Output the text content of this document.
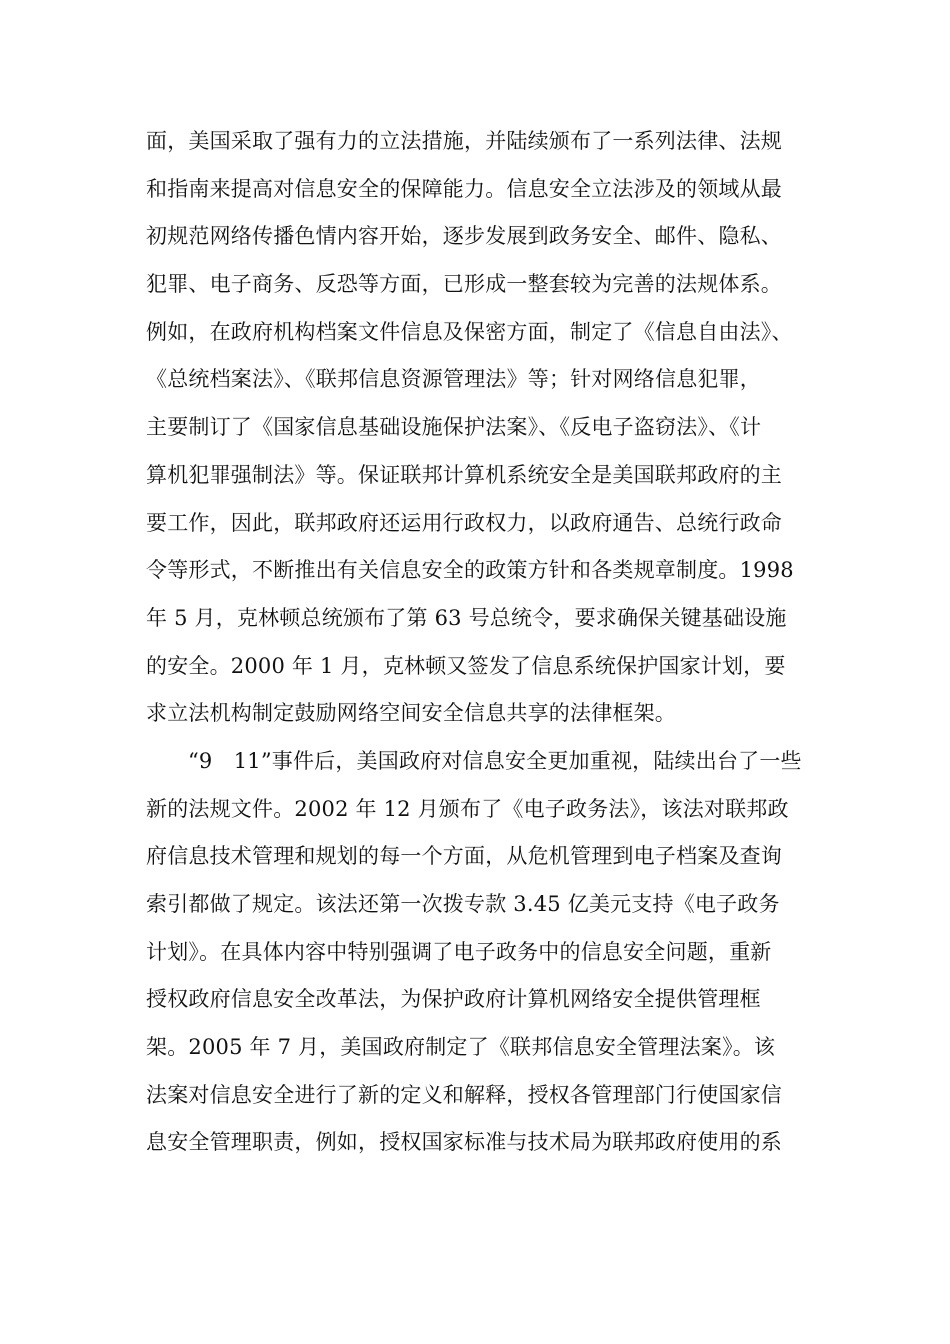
面，美国采取了强有力的立法措施，并陆续颁布了一系列法律、法规
和指南来提高对信息安全的保障能力。信息安全立法涉及的领域从最
初规范网络传播色情内容开始，逐步发展到政务安全、邮件、隐私、
犯罪、电子商务、反恐等方面，已形成一整套较为完善的法规体系。
例如，在政府机构档案文件信息及保密方面，制定了《信息自由法》、
《总统档案法》、《联邦信息资源管理法》等；针对网络信息犯罪，
主要制订了《国家信息基础设施保护法案》、《反电子盗窃法》、《计
算机犯罪强制法》等。保证联邦计算机系统安全是美国联邦政府的主
要工作，因此，联邦政府还运用行政权力，以政府通告、总统行政命
令等形式，不断推出有关信息安全的政策方针和各类规章制度。1998
年 5 月，克林顿总统颁布了第 63 号总统令，要求确保关键基础设施
的安全。2000 年 1 月，克林顿又签发了信息系统保护国家计划，要
求立法机构制定鼓励网络空间安全信息共享的法律框架。
“9　11”事件后，美国政府对信息安全更加重视，陆续出台了一些
新的法规文件。2002 年 12 月颁布了《电子政务法》，该法对联邦政
府信息技术管理和规划的每一个方面，从危机管理到电子档案及查询
索引都做了规定。该法还第一次拨专款 3.45 亿美元支持《电子政务
计划》。在具体内容中特别强调了电子政务中的信息安全问题，重新
授权政府信息安全改革法，为保护政府计算机网络安全提供管理框
架。2005 年 7 月，美国政府制定了《联邦信息安全管理法案》。该
法案对信息安全进行了新的定义和解释，授权各管理部门行使国家信
息安全管理职责，例如，授权国家标准与技术局为联邦政府使用的系
